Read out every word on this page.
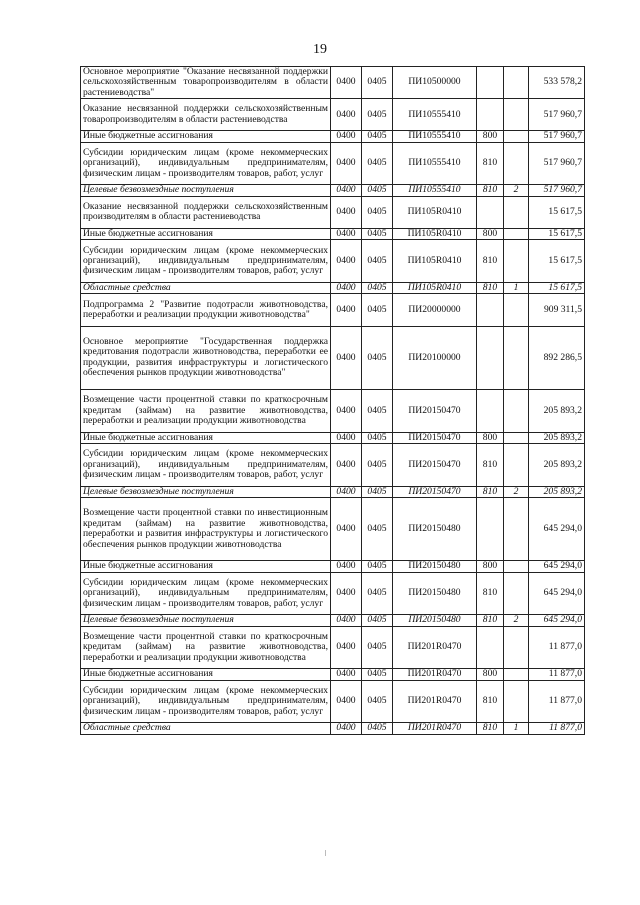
19
Основное мероприятие "Оказание несвязанной поддержки сельскохозяйственным товаропроизводителям в области растениеводства"	0400	0405	ПИ10500000			533 578,2
Оказание несвязанной поддержки сельскохозяйственным товаропроизводителям в области растениеводства	0400	0405	ПИ10555410			517 960,7
Иные бюджетные ассигнования	0400	0405	ПИ10555410	800		517 960,7
Субсидии юридическим лицам (кроме некоммерческих организаций), индивидуальным предпринимателям, физическим лицам - производителям товаров, работ, услуг	0400	0405	ПИ10555410	810		517 960,7
Целевые безвозмездные поступления	0400	0405	ПИ10555410	810	2	517 960,7
Оказание несвязанной поддержки сельскохозяйственным производителям в области растениеводства	0400	0405	ПИ105R0410			15 617,5
Иные бюджетные ассигнования	0400	0405	ПИ105R0410	800		15 617,5
Субсидии юридическим лицам (кроме некоммерческих организаций), индивидуальным предпринимателям, физическим лицам - производителям товаров, работ, услуг	0400	0405	ПИ105R0410	810		15 617,5
Областные средства	0400	0405	ПИ105R0410	810	1	15 617,5
Подпрограмма 2 "Развитие подотрасли животноводства, переработки и реализации продукции животноводства"	0400	0405	ПИ20000000			909 311,5
Основное мероприятие "Государственная поддержка кредитования подотрасли животноводства, переработки ее продукции, развития инфраструктуры и логистического обеспечения рынков продукции животноводства"	0400	0405	ПИ20100000			892 286,5
Возмещение части процентной ставки по краткосрочным кредитам (займам) на развитие животноводства, переработки и реализации продукции животноводства	0400	0405	ПИ20150470			205 893,2
Иные бюджетные ассигнования	0400	0405	ПИ20150470	800		205 893,2
Субсидии юридическим лицам (кроме некоммерческих организаций), индивидуальным предпринимателям, физическим лицам - производителям товаров, работ, услуг	0400	0405	ПИ20150470	810		205 893,2
Целевые безвозмездные поступления	0400	0405	ПИ20150470	810	2	205 893,2
Возмещение части процентной ставки по инвестиционным кредитам (займам) на развитие животноводства, переработки и развития инфраструктуры и логистического обеспечения рынков продукции животноводства	0400	0405	ПИ20150480			645 294,0
Иные бюджетные ассигнования	0400	0405	ПИ20150480	800		645 294,0
Субсидии юридическим лицам (кроме некоммерческих организаций), индивидуальным предпринимателям, физическим лицам - производителям товаров, работ, услуг	0400	0405	ПИ20150480	810		645 294,0
Целевые безвозмездные поступления	0400	0405	ПИ20150480	810	2	645 294,0
Возмещение части процентной ставки по краткосрочным кредитам (займам) на развитие животноводства, переработки и реализации продукции животноводства	0400	0405	ПИ201R0470			11 877,0
Иные бюджетные ассигнования	0400	0405	ПИ201R0470	800		11 877,0
Субсидии юридическим лицам (кроме некоммерческих организаций), индивидуальным предпринимателям, физическим лицам - производителям товаров, работ, услуг	0400	0405	ПИ201R0470	810		11 877,0
Областные средства	0400	0405	ПИ201R0470	810	1	11 877,0
